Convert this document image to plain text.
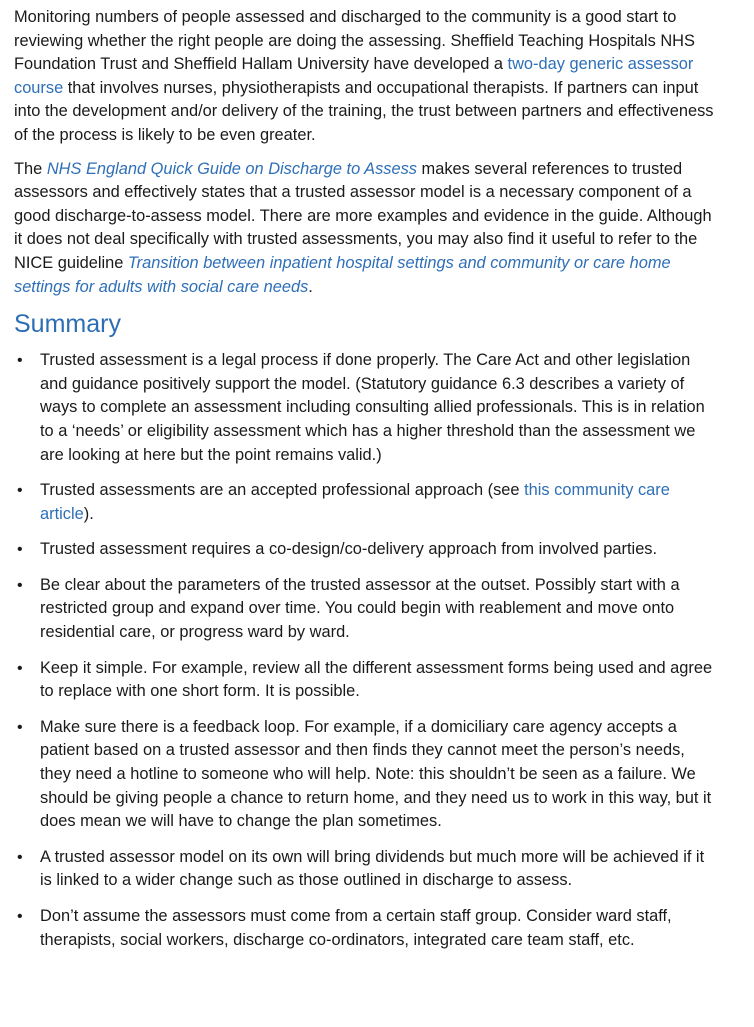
Monitoring numbers of people assessed and discharged to the community is a good start to reviewing whether the right people are doing the assessing. Sheffield Teaching Hospitals NHS Foundation Trust and Sheffield Hallam University have developed a two-day generic assessor course that involves nurses, physiotherapists and occupational therapists. If partners can input into the development and/or delivery of the training, the trust between partners and effectiveness of the process is likely to be even greater.

The NHS England Quick Guide on Discharge to Assess makes several references to trusted assessors and effectively states that a trusted assessor model is a necessary component of a good discharge-to-assess model. There are more examples and evidence in the guide. Although it does not deal specifically with trusted assessments, you may also find it useful to refer to the NICE guideline Transition between inpatient hospital settings and community or care home settings for adults with social care needs.

Summary
• Trusted assessment is a legal process if done properly. The Care Act and other legislation and guidance positively support the model. (Statutory guidance 6.3 describes a variety of ways to complete an assessment including consulting allied professionals. This is in relation to a ‘needs’ or eligibility assessment which has a higher threshold than the assessment we are looking at here but the point remains valid.)
• Trusted assessments are an accepted professional approach (see this community care article).
• Trusted assessment requires a co-design/co-delivery approach from involved parties.
• Be clear about the parameters of the trusted assessor at the outset. Possibly start with a restricted group and expand over time. You could begin with reablement and move onto residential care, or progress ward by ward.
• Keep it simple. For example, review all the different assessment forms being used and agree to replace with one short form. It is possible.
• Make sure there is a feedback loop. For example, if a domiciliary care agency accepts a patient based on a trusted assessor and then finds they cannot meet the person’s needs, they need a hotline to someone who will help. Note: this shouldn’t be seen as a failure. We should be giving people a chance to return home, and they need us to work in this way, but it does mean we will have to change the plan sometimes.
• A trusted assessor model on its own will bring dividends but much more will be achieved if it is linked to a wider change such as those outlined in discharge to assess.
• Don’t assume the assessors must come from a certain staff group. Consider ward staff, therapists, social workers, discharge co-ordinators, integrated care team staff, etc.
